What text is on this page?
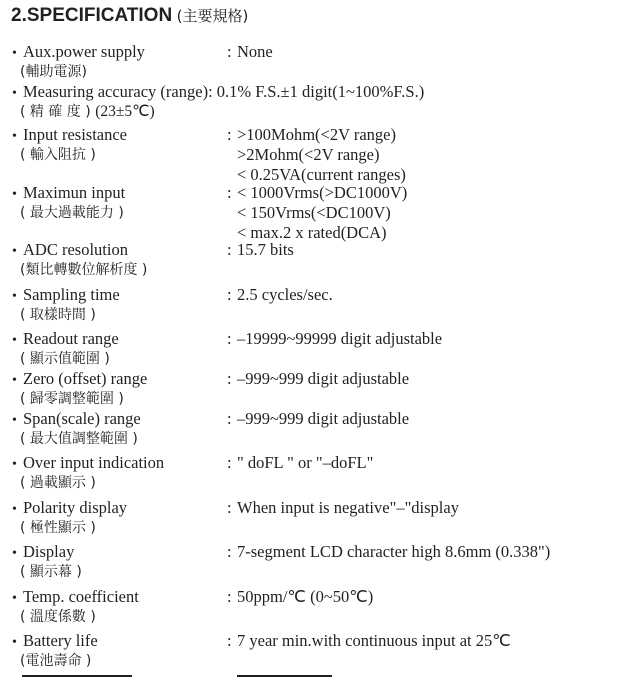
2.SPECIFICATION (主要規格)
• Aux.power supply
(輔助電源)
: None
• Measuring accuracy (range): 0.1% F.S.±1 digit(1~100%F.S.)
( 精 確 度 ) (23±5℃)
• Input resistance
( 輸入阻抗 )
: >100Mohm(<2V range)
>2Mohm(<2V range)
< 0.25VA(current ranges)
• Maximun input
( 最大過載能力 )
: < 1000Vrms(>DC1000V)
< 150Vrms(<DC100V)
< max.2 x rated(DCA)
• ADC resolution
(類比轉數位解析度 )
: 15.7 bits
• Sampling time
( 取樣時間 )
: 2.5 cycles/sec.
• Readout range
( 顯示值範圍 )
: –19999~99999 digit adjustable
• Zero (offset) range
( 歸零調整範圍 )
: –999~999 digit adjustable
• Span(scale) range
( 最大值調整範圍 )
: –999~999 digit adjustable
• Over input indication
( 過載顯示 )
: " doFL " or "–doFL"
• Polarity display
( 極性顯示 )
: When input is negative"–"display
• Display
( 顯示幕 )
: 7-segment LCD character high 8.6mm (0.338")
• Temp. coefficient
( 溫度係數 )
: 50ppm/℃ (0~50℃)
• Battery life
(電池壽命 )
: 7 year min.with continuous input at 25℃
